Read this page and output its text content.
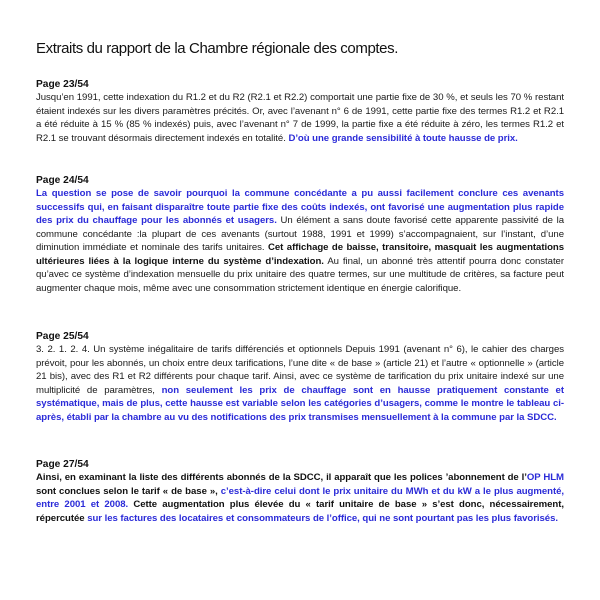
Extraits du rapport de la Chambre régionale des comptes.
Page 23/54

Jusqu’en 1991, cette indexation du R1.2 et du R2 (R2.1 et R2.2) comportait une partie fixe de 30 %, et seuls les 70 % restant étaient indexés sur les divers paramètres précités. Or, avec l’avenant n° 6 de 1991, cette partie fixe des termes R1.2 et R2.1 a été réduite à 15 % (85 % indexés) puis, avec l’avenant n° 7 de 1999, la partie fixe a été réduite à zéro, les termes R1.2 et R2.1 se trouvant désormais directement indexés en totalité. D’où une grande sensibilité à toute hausse de prix.

Page 24/54

La question se pose de savoir pourquoi la commune concédante a pu aussi facilement conclure ces avenants successifs qui, en faisant disparaître toute partie fixe des coûts indexés, ont favorisé une augmentation plus rapide des prix du chauffage pour les abonnés et usagers. Un élément a sans doute favorisé cette apparente passivité de la commune concédante :la plupart de ces avenants (surtout 1988, 1991 et 1999) s’accompagnaient, sur l’instant, d’une diminution immédiate et nominale des tarifs unitaires. Cet affichage de baisse, transitoire, masquait les augmentations ultérieures liées à la logique interne du système d’indexation. Au final, un abonné très attentif pourra donc constater qu’avec ce système d’indexation mensuelle du prix unitaire des quatre termes, sur une multitude de critères, sa facture peut augmenter chaque mois, même avec une consommation strictement identique en énergie calorifique.

Page 25/54

3. 2. 1. 2. 4. Un système inégalitaire de tarifs différenciés et optionnels Depuis 1991 (avenant n° 6), le cahier des charges prévoit, pour les abonnés, un choix entre deux tarifications, l’une dite « de base » (article 21) et l’autre « optionnelle » (article 21 bis), avec des R1 et R2 différents pour chaque tarif. Ainsi, avec ce système de tarification du prix unitaire indexé sur une multiplicité de paramètres, non seulement les prix de chauffage sont en hausse pratiquement constante et systématique, mais de plus, cette hausse est variable selon les catégories d’usagers, comme le montre le tableau ci-après, établi par la chambre au vu des notifications des prix transmises mensuellement à la commune par la SDCC.

Page 27/54

Ainsi, en examinant la liste des différents abonnés de la SDCC, il apparaît que les polices ’abonnement de l’OP HLM sont conclues selon le tarif « de base », c’est-à-dire celui dont le prix unitaire du MWh et du kW a le plus augmenté, entre 2001 et 2008. Cette augmentation plus élevée du « tarif unitaire de base » s’est donc, nécessairement, répercutée sur les factures des locataires et consommateurs de l’office, qui ne sont pourtant pas les plus favorisés.
